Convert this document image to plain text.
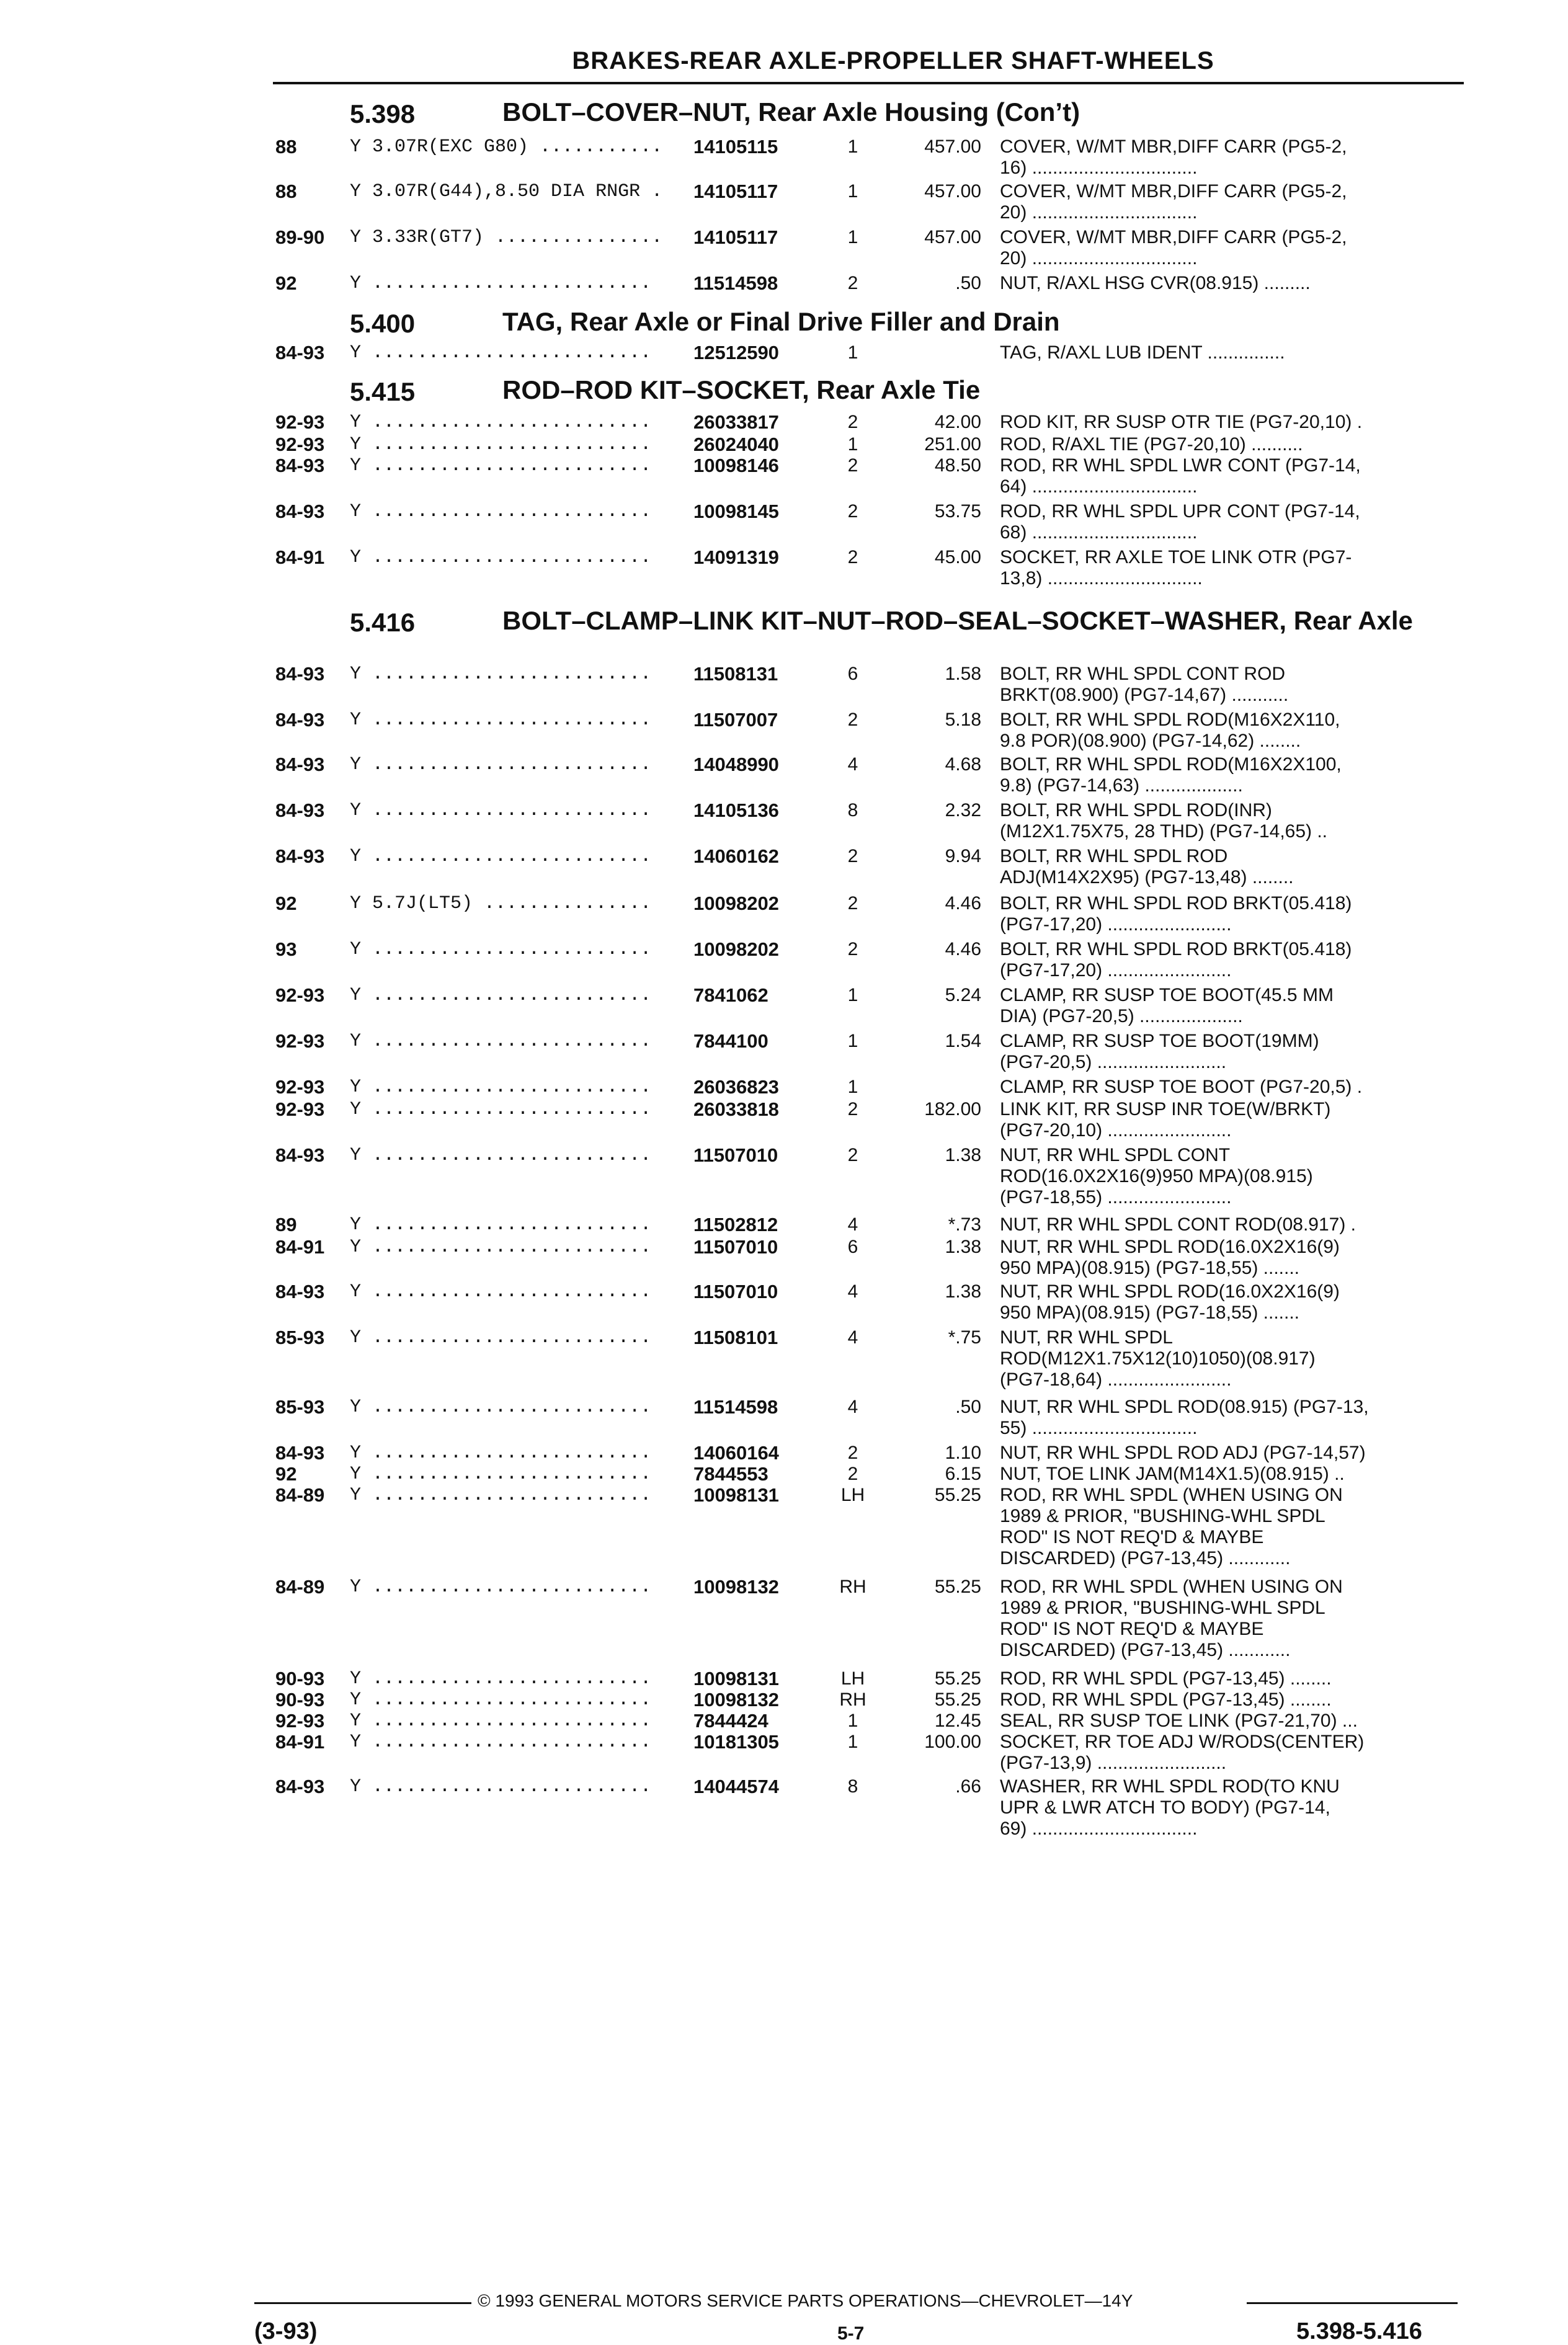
BRAKES-REAR AXLE-PROPELLER SHAFT-WHEELS
5.398	BOLT–COVER–NUT, Rear Axle Housing (Con’t)
5.400	TAG, Rear Axle or Final Drive Filler and Drain
5.415	ROD–ROD KIT–SOCKET, Rear Axle Tie
5.416	BOLT–CLAMP–LINK KIT–NUT–ROD–SEAL–SOCKET–WASHER, Rear Axle
88	Y 3.07R(EXC G80) ...........	14105115	1	457.00 COVER, W/MT MBR,DIFF CARR (PG5-2,
16) ................................
88	Y 3.07R(G44),8.50 DIA RNGR .	14105117	1	457.00 COVER, W/MT MBR,DIFF CARR (PG5-2,
20) ................................
89-90 Y 3.33R(GT7) ...............	14105117	1	457.00 COVER, W/MT MBR,DIFF CARR (PG5-2,
20) ................................
92	Y .........................	11514598	2	.50 NUT, R/AXL HSG CVR(08.915) .........
84-93 Y .........................	12512590	1	TAG, R/AXL LUB IDENT ...............
92-93 Y .........................	26033817	2	42.00 ROD KIT, RR SUSP OTR TIE (PG7-20,10) .
92-93 Y .........................	26024040	1	251.00 ROD, R/AXL TIE (PG7-20,10) ..........
84-93 Y .........................	10098146	2	48.50 ROD, RR WHL SPDL LWR CONT (PG7-14,
64) ................................
84-93 Y .........................	10098145	2	53.75 ROD, RR WHL SPDL UPR CONT (PG7-14,
68) ................................
84-91 Y .........................	14091319	2	45.00 SOCKET, RR AXLE TOE LINK OTR (PG7-
13,8) ..............................
84-93 Y .........................	11508131	6	1.58 BOLT, RR WHL SPDL CONT ROD
BRKT(08.900) (PG7-14,67) ...........
84-93 Y .........................	11507007	2	5.18 BOLT, RR WHL SPDL ROD(M16X2X110,
9.8 POR)(08.900) (PG7-14,62) ........
84-93 Y .........................	14048990	4	4.68 BOLT, RR WHL SPDL ROD(M16X2X100,
9.8) (PG7-14,63) ...................
84-93 Y .........................	14105136	8	2.32 BOLT, RR WHL SPDL ROD(INR)
(M12X1.75X75, 28 THD) (PG7-14,65) ..
84-93 Y .........................	14060162	2	9.94 BOLT, RR WHL SPDL ROD
ADJ(M14X2X95) (PG7-13,48) ........
92	Y 5.7J(LT5) ...............	10098202	2	4.46 BOLT, RR WHL SPDL ROD BRKT(05.418)
(PG7-17,20) ........................
93	Y .........................	10098202	2	4.46 BOLT, RR WHL SPDL ROD BRKT(05.418)
(PG7-17,20) ........................
92-93 Y .........................	7841062	1	5.24 CLAMP, RR SUSP TOE BOOT(45.5 MM
DIA) (PG7-20,5) ....................
92-93 Y .........................	7844100	1	1.54 CLAMP, RR SUSP TOE BOOT(19MM)
(PG7-20,5) .........................
92-93 Y .........................	26036823	1	CLAMP, RR SUSP TOE BOOT (PG7-20,5) .
92-93 Y .........................	26033818	2	182.00 LINK KIT, RR SUSP INR TOE(W/BRKT)
(PG7-20,10) ........................
84-93 Y .........................	11507010	2	1.38 NUT, RR WHL SPDL CONT
ROD(16.0X2X16(9)950 MPA)(08.915)
(PG7-18,55) ........................
89	Y .........................	11502812	4	*.73 NUT, RR WHL SPDL CONT ROD(08.917) .
84-91 Y .........................	11507010	6	1.38 NUT, RR WHL SPDL ROD(16.0X2X16(9)
950 MPA)(08.915) (PG7-18,55) .......
84-93 Y .........................	11507010	4	1.38 NUT, RR WHL SPDL ROD(16.0X2X16(9)
950 MPA)(08.915) (PG7-18,55) .......
85-93 Y .........................	11508101	4	*.75 NUT, RR WHL SPDL
ROD(M12X1.75X12(10)1050)(08.917)
(PG7-18,64) ........................
85-93 Y .........................	11514598	4	.50 NUT, RR WHL SPDL ROD(08.915) (PG7-13,
55) ................................
84-93 Y .........................	14060164	2	1.10 NUT, RR WHL SPDL ROD ADJ (PG7-14,57)
92	Y .........................	7844553	2	6.15 NUT, TOE LINK JAM(M14X1.5)(08.915) ..
84-89 Y .........................	10098131	LH	55.25 ROD, RR WHL SPDL (WHEN USING ON
1989 & PRIOR, "BUSHING-WHL SPDL
ROD" IS NOT REQ'D & MAYBE
DISCARDED) (PG7-13,45) ............
84-89 Y .........................	10098132	RH	55.25 ROD, RR WHL SPDL (WHEN USING ON
1989 & PRIOR, "BUSHING-WHL SPDL
ROD" IS NOT REQ'D & MAYBE
DISCARDED) (PG7-13,45) ............
90-93 Y .........................	10098131	LH	55.25 ROD, RR WHL SPDL (PG7-13,45) ........
90-93 Y .........................	10098132	RH	55.25 ROD, RR WHL SPDL (PG7-13,45) ........
92-93 Y .........................	7844424	1	12.45 SEAL, RR SUSP TOE LINK (PG7-21,70) ...
84-91 Y .........................	10181305	1	100.00 SOCKET, RR TOE ADJ W/RODS(CENTER)
(PG7-13,9) .........................
84-93 Y .........................	14044574	8	.66 WASHER, RR WHL SPDL ROD(TO KNU
UPR & LWR ATCH TO BODY) (PG7-14,
69) ................................
© 1993 GENERAL MOTORS SERVICE PARTS OPERATIONS—CHEVROLET—14Y
(3-93)	5-7	5.398-5.416
